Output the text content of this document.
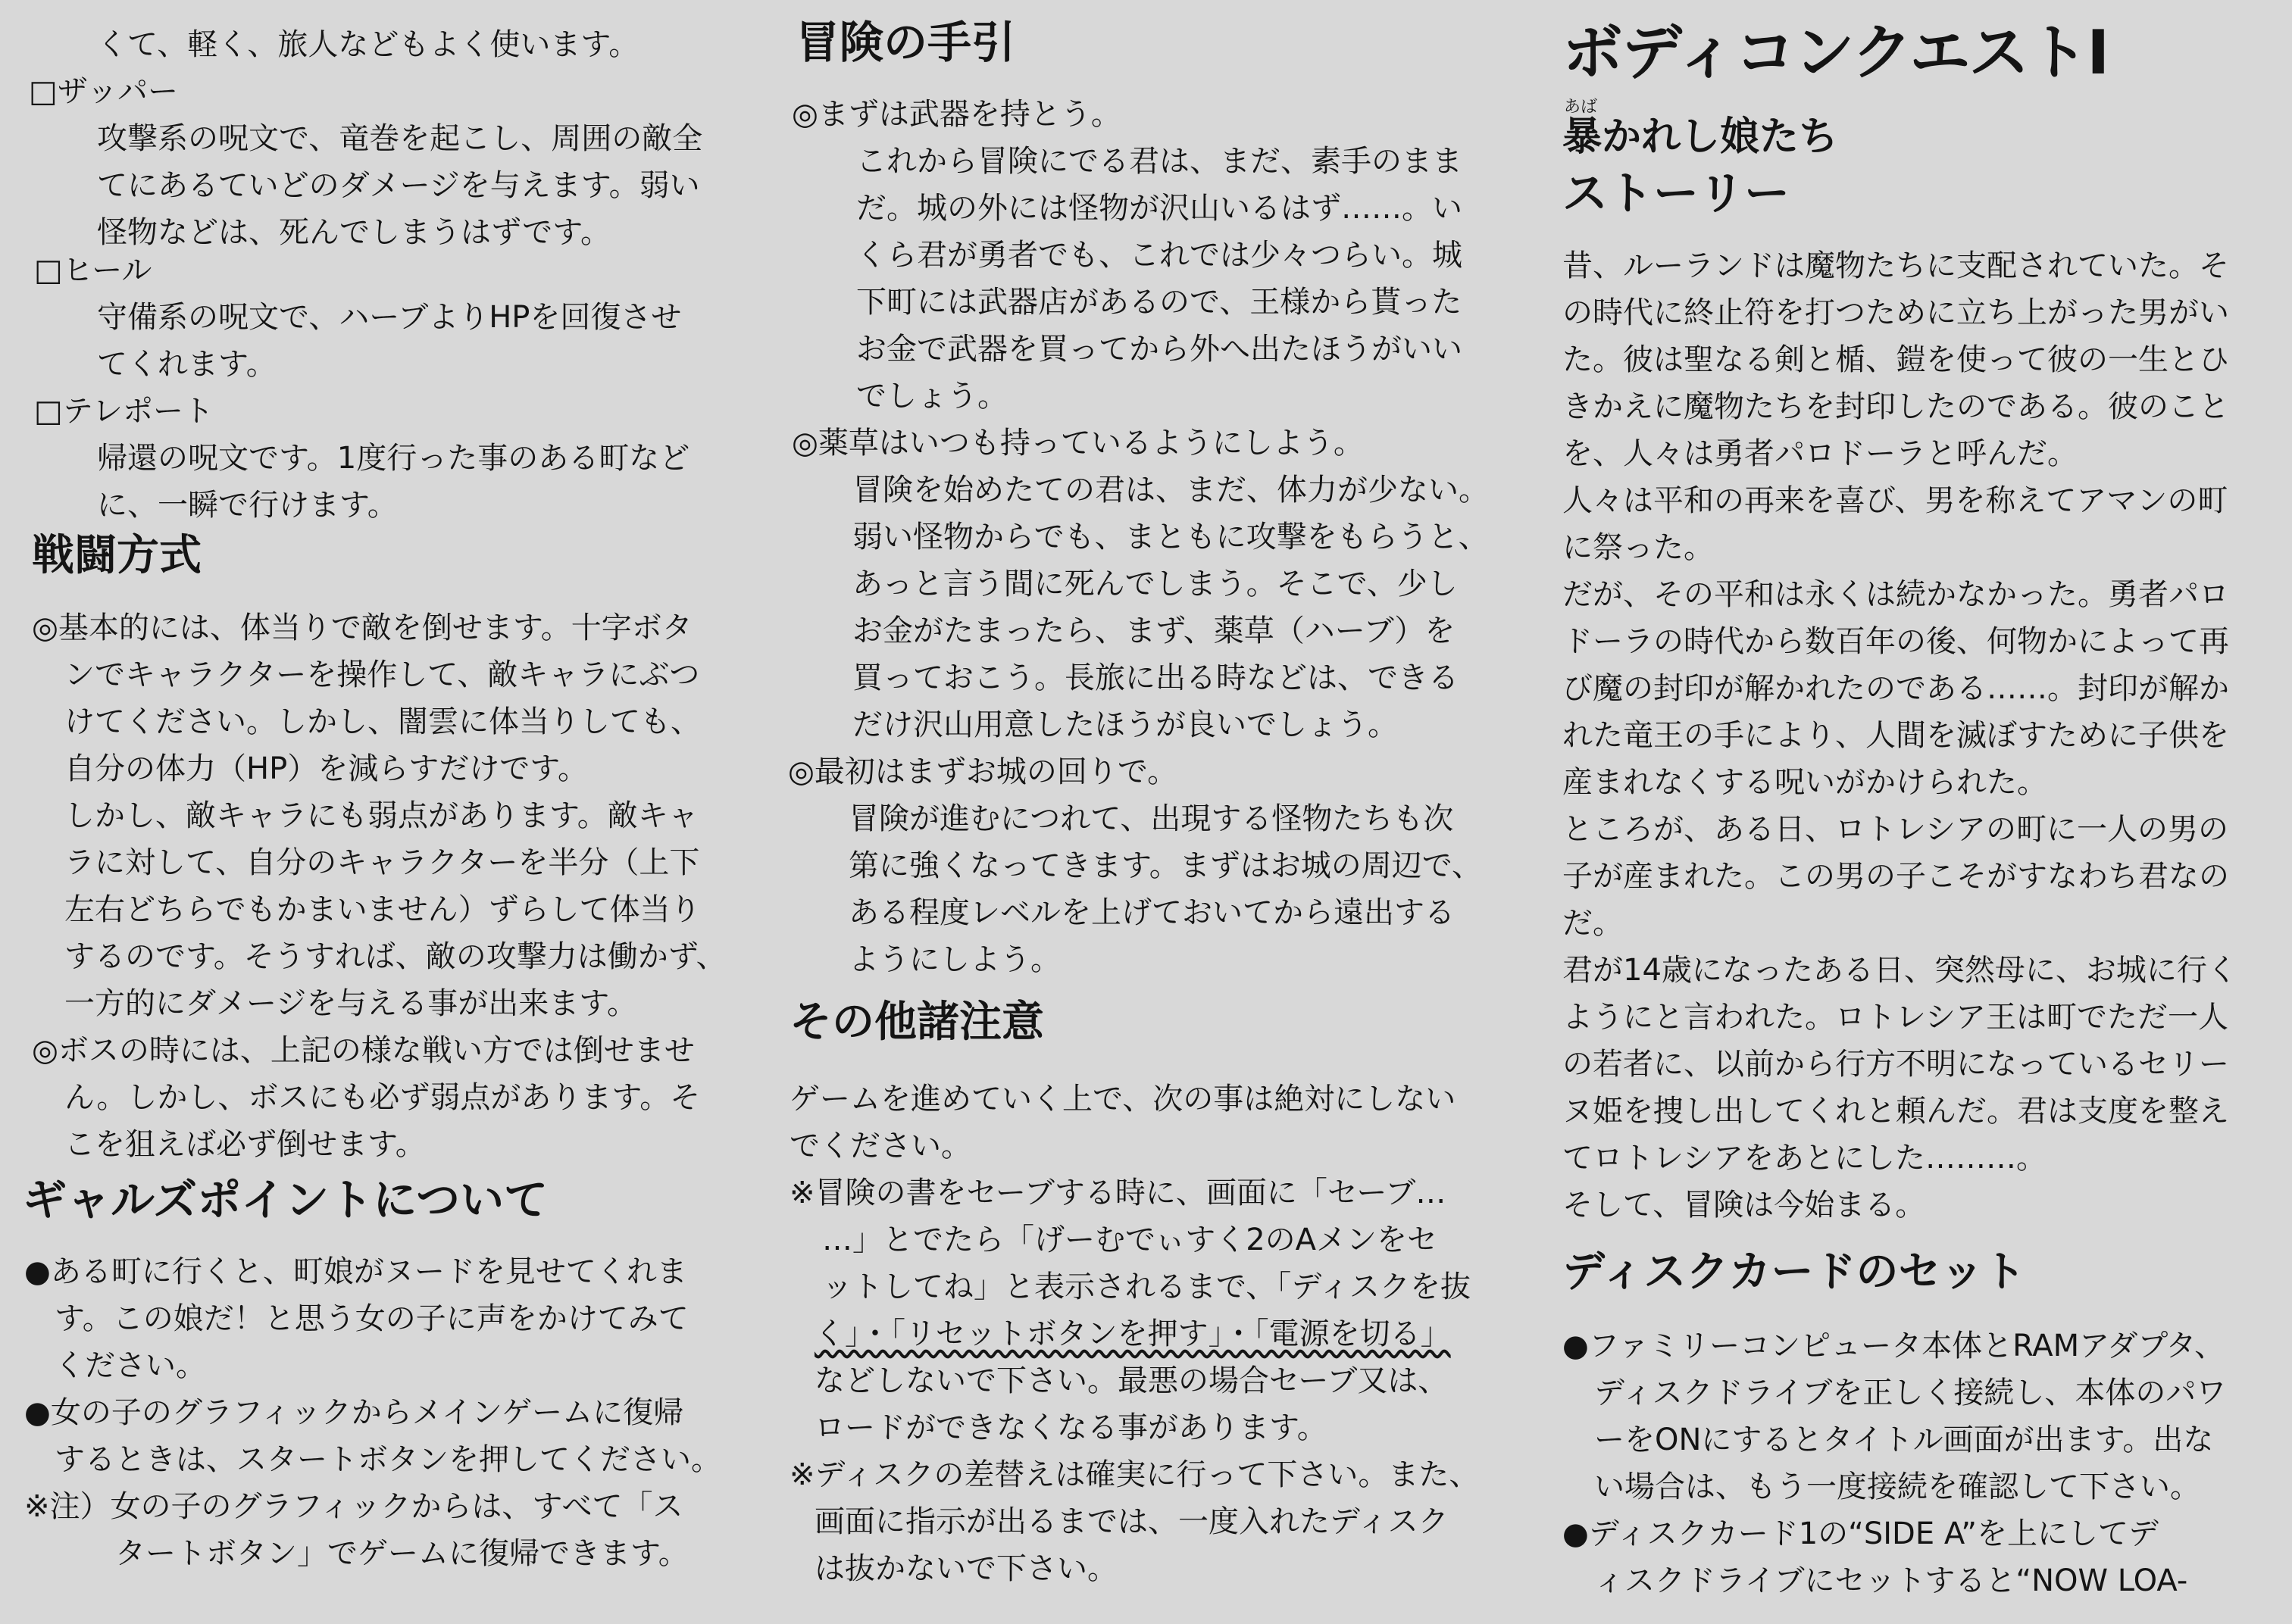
くて、軽く、旅人などもよく使います。

□ザッパー

攻撃系の呪文で、竜巻を起こし、周囲の敵全

てにあるていどのダメージを与えます。弱い

怪物などは、死んでしまうはずです。

□ヒール

守備系の呪文で、ハーブよりHPを回復させ

てくれます。

□テレポート

帰還の呪文です。1度行った事のある町など

に、一瞬で行けます。

戦闘方式

◎基本的には、体当りで敵を倒せます。十字ボタ

ンでキャラクターを操作して、敵キャラにぶつ

けてください。しかし、闇雲に体当りしても、

自分の体力（HP）を減らすだけです。

しかし、敵キャラにも弱点があります。敵キャ

ラに対して、自分のキャラクターを半分（上下

左右どちらでもかまいません）ずらして体当り

するのです。そうすれば、敵の攻撃力は働かず、

一方的にダメージを与える事が出来ます。

◎ボスの時には、上記の様な戦い方では倒せませ

ん。しかし、ボスにも必ず弱点があります。そ

こを狙えば必ず倒せます。

ギャルズポイントについて

●ある町に行くと、町娘がヌードを見せてくれま

す。この娘だ！と思う女の子に声をかけてみて

ください。

●女の子のグラフィックからメインゲームに復帰

するときは、スタートボタンを押してください。

※注）女の子のグラフィックからは、すべて「ス

タートボタン」でゲームに復帰できます。

冒険の手引

◎まずは武器を持とう。

これから冒険にでる君は、まだ、素手のまま

だ。城の外には怪物が沢山いるはず……。い

くら君が勇者でも、これでは少々つらい。城

下町には武器店があるので、王様から貰った

お金で武器を買ってから外へ出たほうがいい

でしょう。

◎薬草はいつも持っているようにしよう。

冒険を始めたての君は、まだ、体力が少ない。

弱い怪物からでも、まともに攻撃をもらうと、

あっと言う間に死んでしまう。そこで、少し

お金がたまったら、まず、薬草（ハーブ）を

買っておこう。長旅に出る時などは、できる

だけ沢山用意したほうが良いでしょう。

◎最初はまずお城の回りで。

冒険が進むにつれて、出現する怪物たちも次

第に強くなってきます。まずはお城の周辺で、

ある程度レベルを上げておいてから遠出する

ようにしよう。

その他諸注意

ゲームを進めていく上で、次の事は絶対にしない

でください。

※冒険の書をセーブする時に、画面に「セーブ…

…」とでたら「げーむでぃすく2のAメンをセ

ットしてね」と表示されるまで、「ディスクを抜

く」・「リセットボタンを押す」・「電源を切る」

などしないで下さい。最悪の場合セーブ又は、

ロードができなくなる事があります。

※ディスクの差替えは確実に行って下さい。また、

画面に指示が出るまでは、一度入れたディスク

は抜かないで下さい。

ボディコンクエストⅠ
あば
暴かれし娘たち
ストーリー

昔、ルーランドは魔物たちに支配されていた。そ

の時代に終止符を打つために立ち上がった男がい

た。彼は聖なる剣と楯、鎧を使って彼の一生とひ

きかえに魔物たちを封印したのである。彼のこと

を、人々は勇者パロドーラと呼んだ。

人々は平和の再来を喜び、男を称えてアマンの町

に祭った。

だが、その平和は永くは続かなかった。勇者パロ

ドーラの時代から数百年の後、何物かによって再

び魔の封印が解かれたのである……。封印が解か

れた竜王の手により、人間を滅ぼすために子供を

産まれなくする呪いがかけられた。

ところが、ある日、ロトレシアの町に一人の男の

子が産まれた。この男の子こそがすなわち君なの

だ。

君が14歳になったある日、突然母に、お城に行く

ようにと言われた。ロトレシア王は町でただ一人

の若者に、以前から行方不明になっているセリー

ヌ姫を捜し出してくれと頼んだ。君は支度を整え

てロトレシアをあとにした………。

そして、冒険は今始まる。

ディスクカードのセット

●ファミリーコンピュータ本体とRAMアダプタ、

ディスクドライブを正しく接続し、本体のパワ

ーをONにするとタイトル画面が出ます。出な

い場合は、もう一度接続を確認して下さい。

●ディスクカード1の“SIDE A”を上にしてデ

ィスクドライブにセットすると“NOW LOA-
